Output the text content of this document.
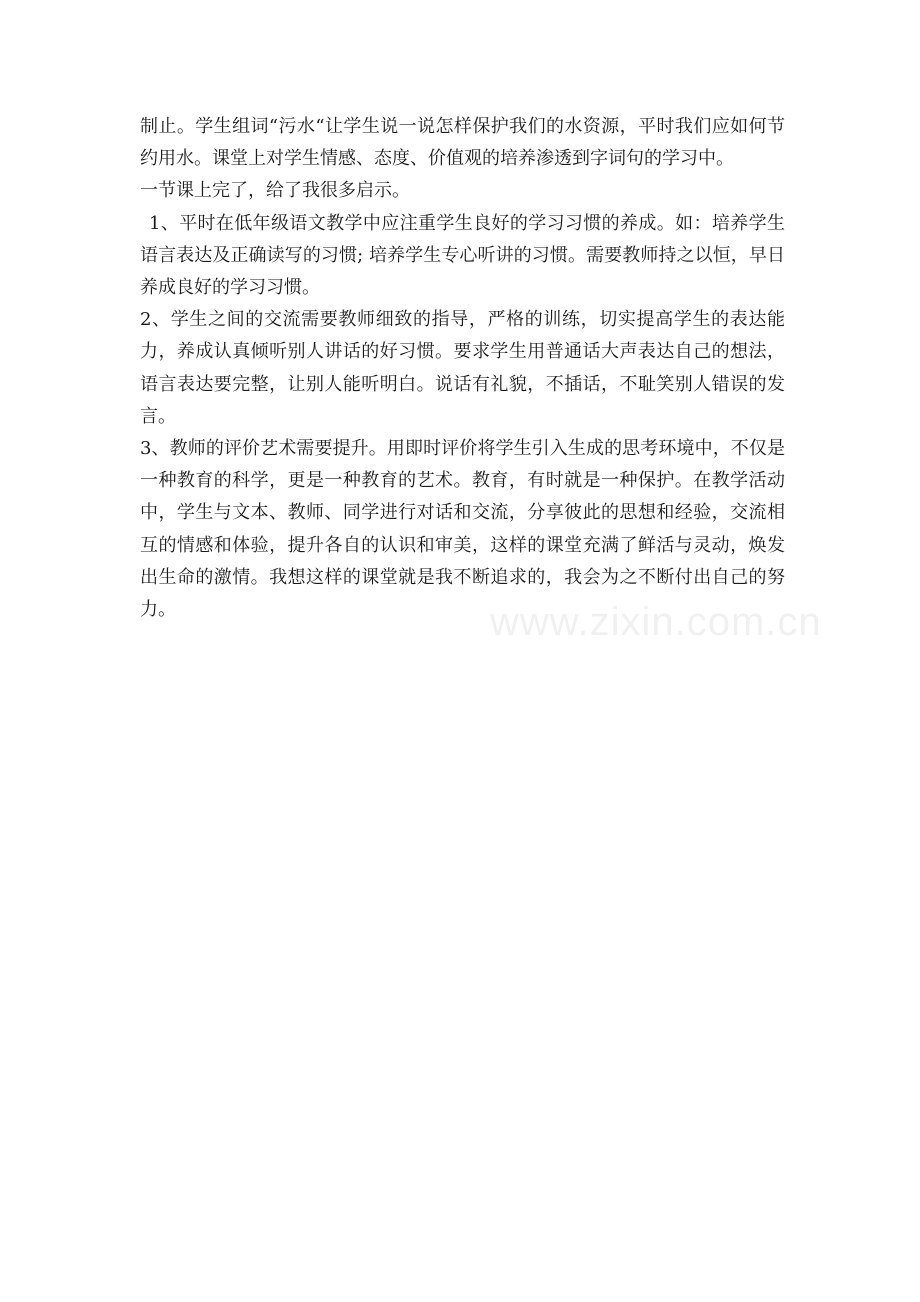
制止。学生组词“污水“让学生说一说怎样保护我们的水资源，平时我们应如何节约用水。课堂上对学生情感、态度、价值观的培养渗透到字词句的学习中。

一节课上完了，给了我很多启示。

1、平时在低年级语文教学中应注重学生良好的学习习惯的养成。如：培养学生语言表达及正确读写的习惯; 培养学生专心听讲的习惯。需要教师持之以恒，早日养成良好的学习习惯。

2、学生之间的交流需要教师细致的指导，严格的训练，切实提高学生的表达能力，养成认真倾听别人讲话的好习惯。要求学生用普通话大声表达自己的想法，语言表达要完整，让别人能听明白。说话有礼貌，不插话，不耻笑别人错误的发言。

3、教师的评价艺术需要提升。用即时评价将学生引入生成的思考环境中，不仅是一种教育的科学，更是一种教育的艺术。教育，有时就是一种保护。在教学活动中，学生与文本、教师、同学进行对话和交流，分享彼此的思想和经验，交流相互的情感和体验，提升各自的认识和审美，这样的课堂充满了鲜活与灵动，焕发出生命的激情。我想这样的课堂就是我不断追求的，我会为之不断付出自己的努力。	www.zixin.com.cn
